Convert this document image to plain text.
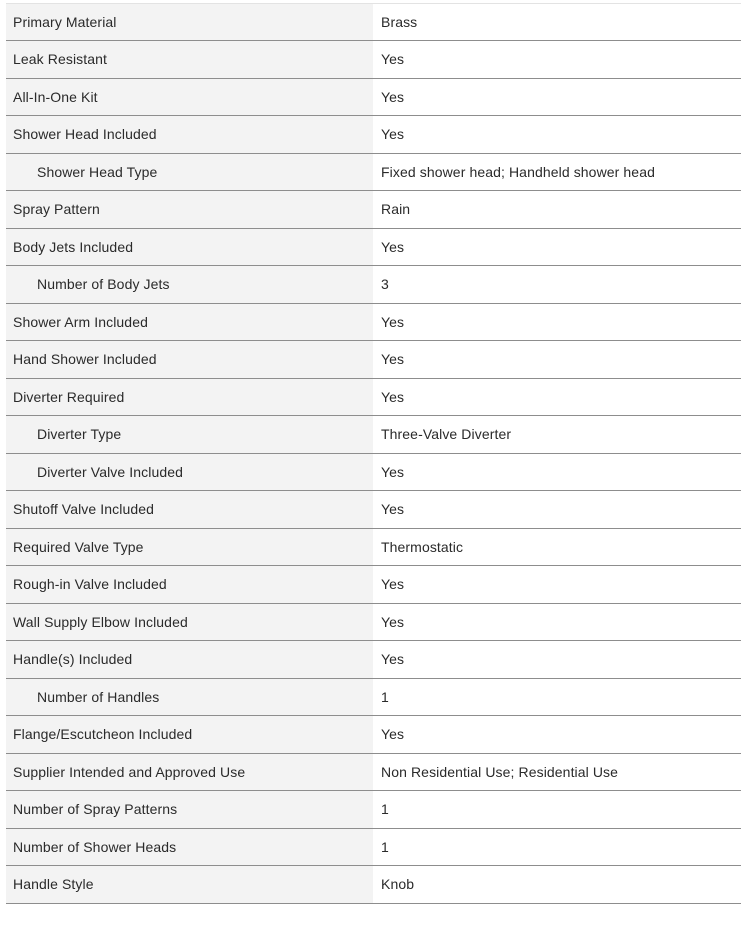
Primary Material	Brass
Leak Resistant	Yes
All-In-One Kit	Yes
Shower Head Included	Yes
Shower Head Type	Fixed shower head; Handheld shower head
Spray Pattern	Rain
Body Jets Included	Yes
Number of Body Jets	3
Shower Arm Included	Yes
Hand Shower Included	Yes
Diverter Required	Yes
Diverter Type	Three-Valve Diverter
Diverter Valve Included	Yes
Shutoff Valve Included	Yes
Required Valve Type	Thermostatic
Rough-in Valve Included	Yes
Wall Supply Elbow Included	Yes
Handle(s) Included	Yes
Number of Handles	1
Flange/Escutcheon Included	Yes
Supplier Intended and Approved Use	Non Residential Use; Residential Use
Number of Spray Patterns	1
Number of Shower Heads	1
Handle Style	Knob
